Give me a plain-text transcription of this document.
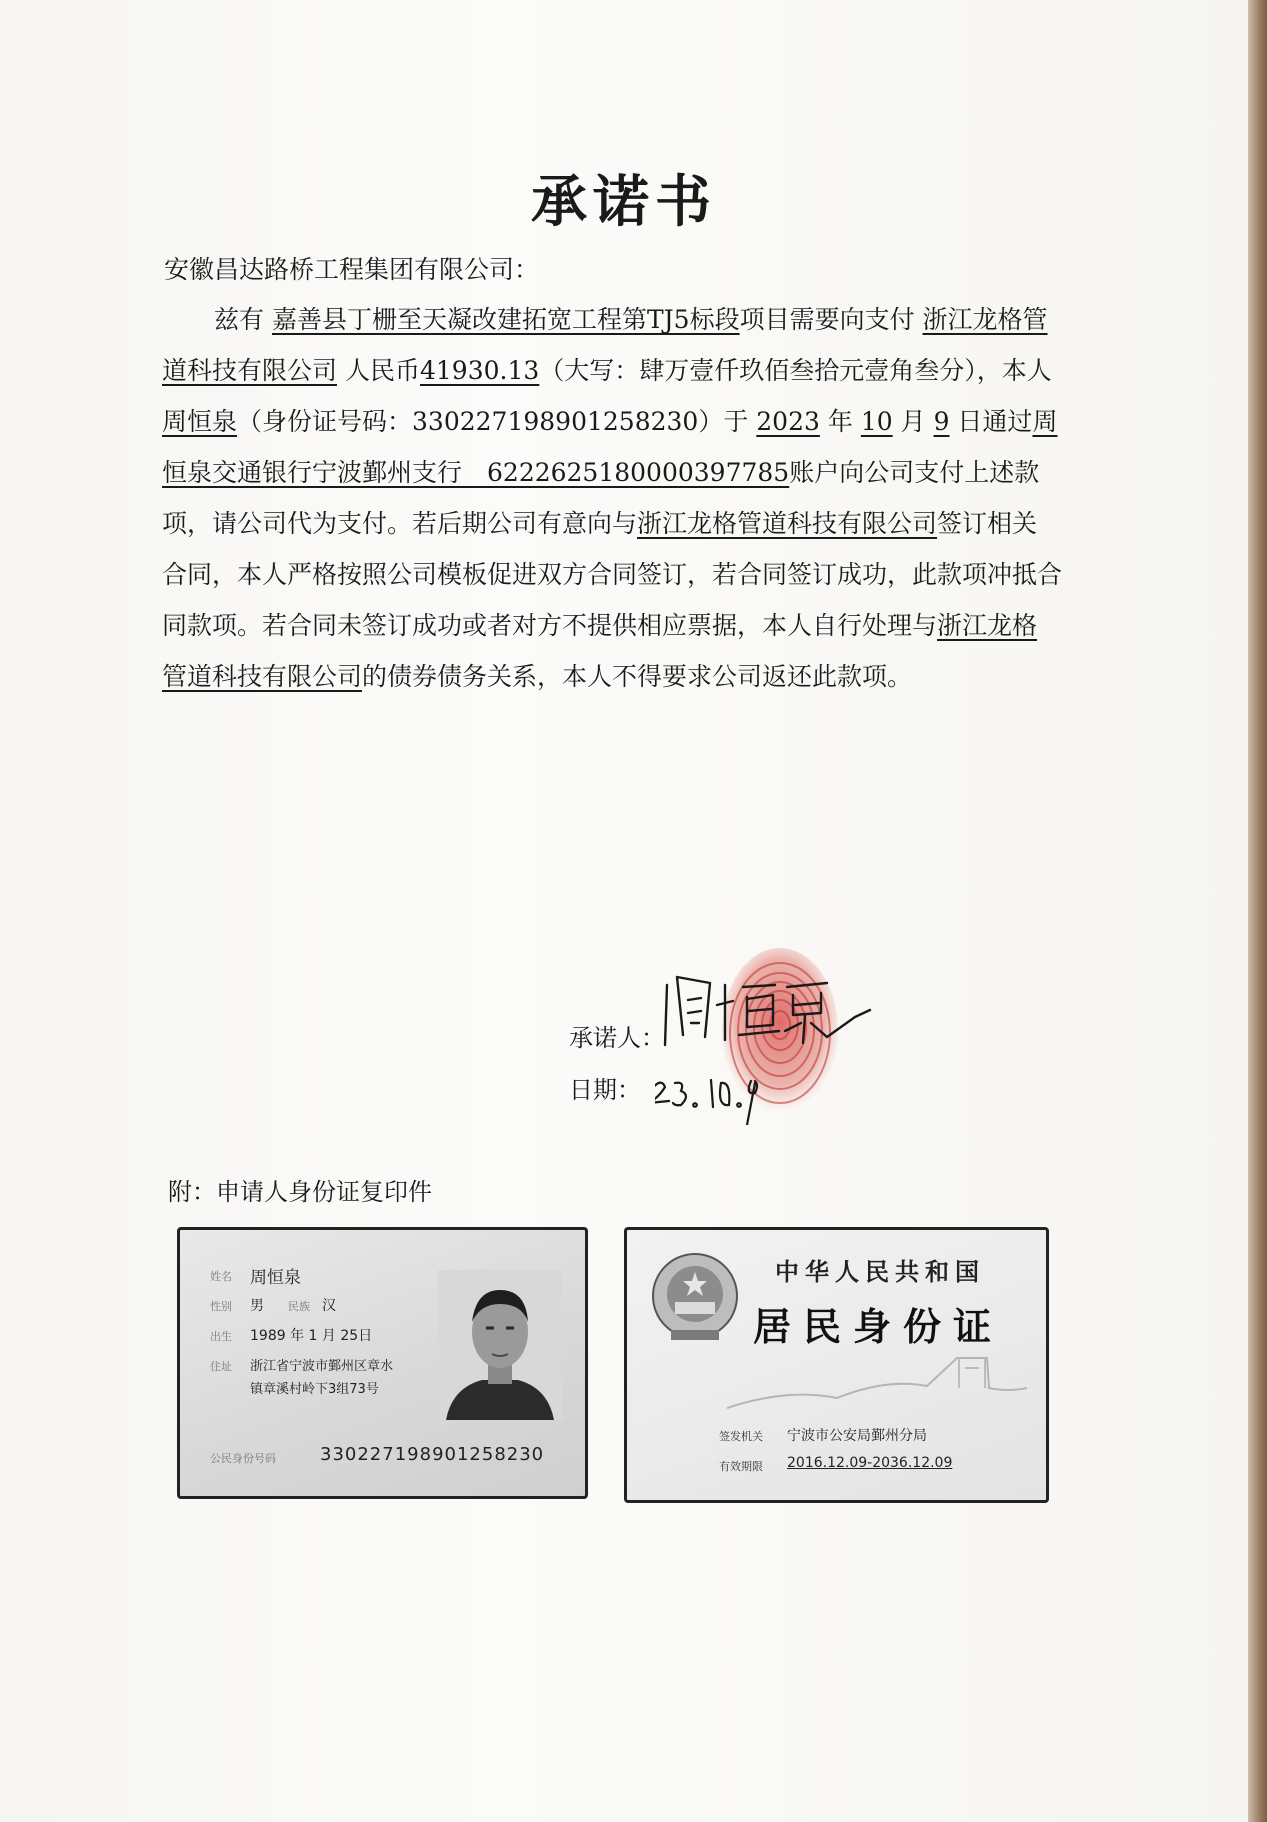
承诺书
安徽昌达路桥工程集团有限公司：

兹有 嘉善县丁栅至天凝改建拓宽工程第TJ5标段项目需要向支付 浙江龙格管道科技有限公司 人民币41930.13（大写：肆万壹仟玖佰叁拾元壹角叁分），本人周恒泉（身份证号码：330227198901258230）于 2023 年 10 月 9 日通过周恒泉交通银行宁波鄞州支行　6222625180000397785账户向公司支付上述款项，请公司代为支付。若后期公司有意向与浙江龙格管道科技有限公司签订相关合同，本人严格按照公司模板促进双方合同签订，若合同签订成功，此款项冲抵合同款项。若合同未签订成功或者对方不提供相应票据，本人自行处理与浙江龙格管道科技有限公司的债券债务关系，本人不得要求公司返还此款项。

承诺人：
日期：
附：申请人身份证复印件
姓名 周恒泉
性别 男 民族 汉
出生 1989 年 1 月 25日
住址 浙江省宁波市鄞州区章水
镇章溪村岭下3组73号
公民身份号码 330227198901258230
中华人民共和国
居民身份证
签发机关 宁波市公安局鄞州分局
有效期限 2016.12.09-2036.12.09
